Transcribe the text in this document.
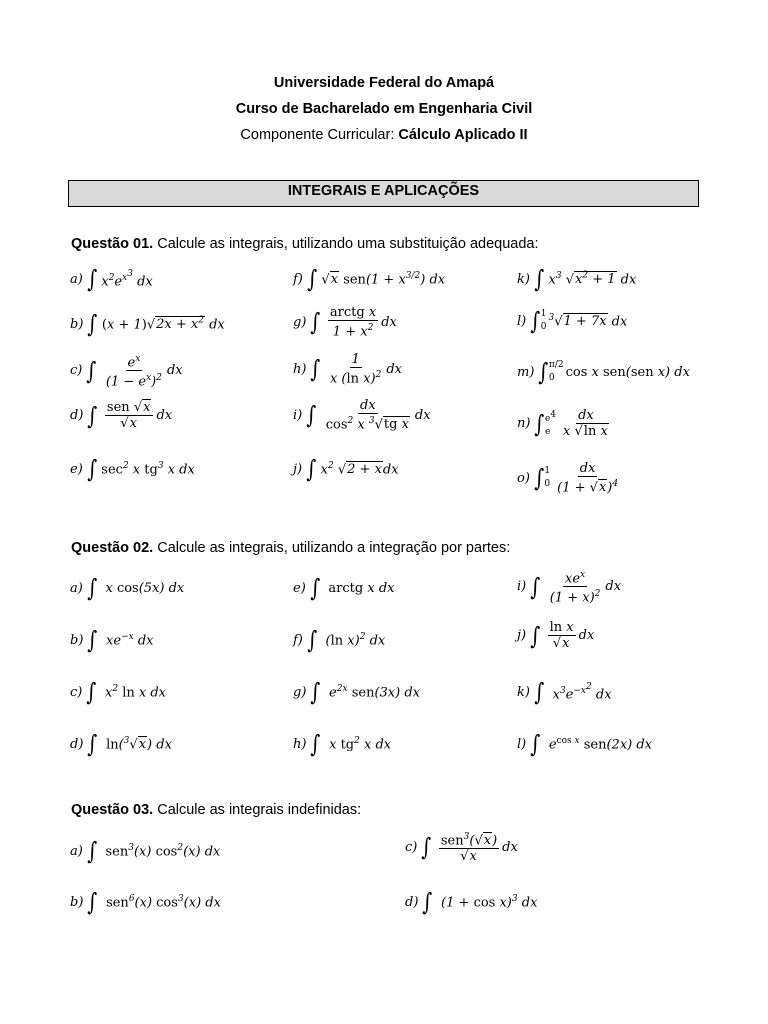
Universidade Federal do Amapá
Curso de Bacharelado em Engenharia Civil
Componente Curricular: Cálculo Aplicado II
INTEGRAIS E APLICAÇÕES
Questão 01. Calcule as integrais, utilizando uma substituição adequada:
a) ∫ $x^2e^{x^3}$ dx
b) ∫ $(x + 1)√2x + x^2$ dx
c) ∫ $\frac{e^x}{(1 - e^x)^2}$ dx
d) ∫ $\frac{\text{sen √x}}{√x}$ dx
e) ∫ $\sec^2 x$ $tg^3$ x dx
f) ∫ √x $sen(1 + x^{3/2})$ dx
g) ∫ $\frac{\text{arctg x}}{1 + x^2}$ dx
h) ∫ $\frac{1}{x (\ln x)^2}$ dx
i) ∫ $\frac{dx}{\cos^2 x ^3√tg x}$ dx
j) ∫ $x^2$ √2 + xdx
k) ∫ $x^3$ $√x^2 + 1$ dx
l) ∫ 1
0
$^3$√1 + 7x dx
m) ∫ π/2
0 cos x sen(sen x) dx
n) ∫ $e^4$
e $\frac{dx}{\text{x √ln x}}$
o) ∫ 1
$0 \frac{dx}{(1 + √x)^4}$
Questão 02. Calcule as integrais, utilizando a integração por partes:
a) ∫ x cos(5x) dx
b) ∫ $xe^{-x}$ dx
c) ∫ $x^2$ ln x dx
d) ∫ ln($^3$√x) dx
e) ∫ arctg x dx
f) ∫ (ln x)$^2$ dx
g) ∫ $e^{2x}$ sen(3x) dx
h) ∫ x $tg^2$ x dx
i) ∫ $\frac{xe^x}{(1 + x)^2}$ dx
j) ∫ $\frac{\text{ln x}}{√x}$ dx
k) ∫ $x^3e^{-x^2}$ dx
l) ∫ $e^{cos x}$ sen(2x) dx
Questão 03. Calcule as integrais indefinidas:
a) ∫ sen$^3$(x) $\cos^2(x)$ dx
b) ∫ sen$^6$(x) $\cos^3(x)$ dx
c) ∫ $\frac{sen^3(√x)}{√x}$ dx
d) ∫ $(1 + \cos x)^3$ dx
